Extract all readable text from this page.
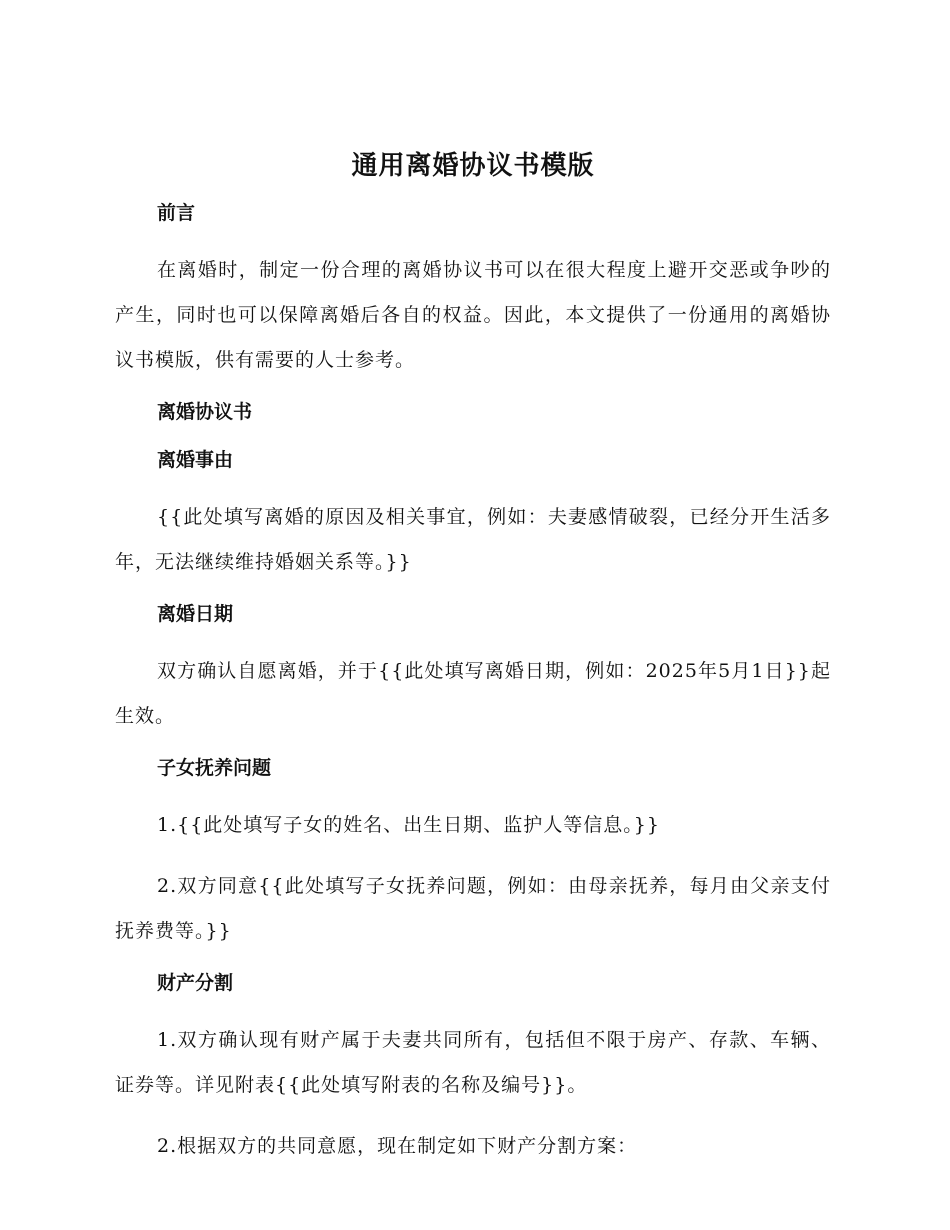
通用离婚协议书模版
前言

在离婚时，制定一份合理的离婚协议书可以在很大程度上避开交恶或争吵的产生，同时也可以保障离婚后各自的权益。因此，本文提供了一份通用的离婚协议书模版，供有需要的人士参考。

离婚协议书
离婚事由

{{此处填写离婚的原因及相关事宜，例如：夫妻感情破裂，已经分开生活多年，无法继续维持婚姻关系等。}}

离婚日期

双方确认自愿离婚，并于{{此处填写离婚日期，例如：2025年5月1日}}起生效。

子女抚养问题

1.{{此处填写子女的姓名、出生日期、监护人等信息。}}

2.双方同意{{此处填写子女抚养问题，例如：由母亲抚养，每月由父亲支付抚养费等。}}

财产分割

1.双方确认现有财产属于夫妻共同所有，包括但不限于房产、存款、车辆、证券等。详见附表{{此处填写附表的名称及编号}}。

2.根据双方的共同意愿，现在制定如下财产分割方案：
